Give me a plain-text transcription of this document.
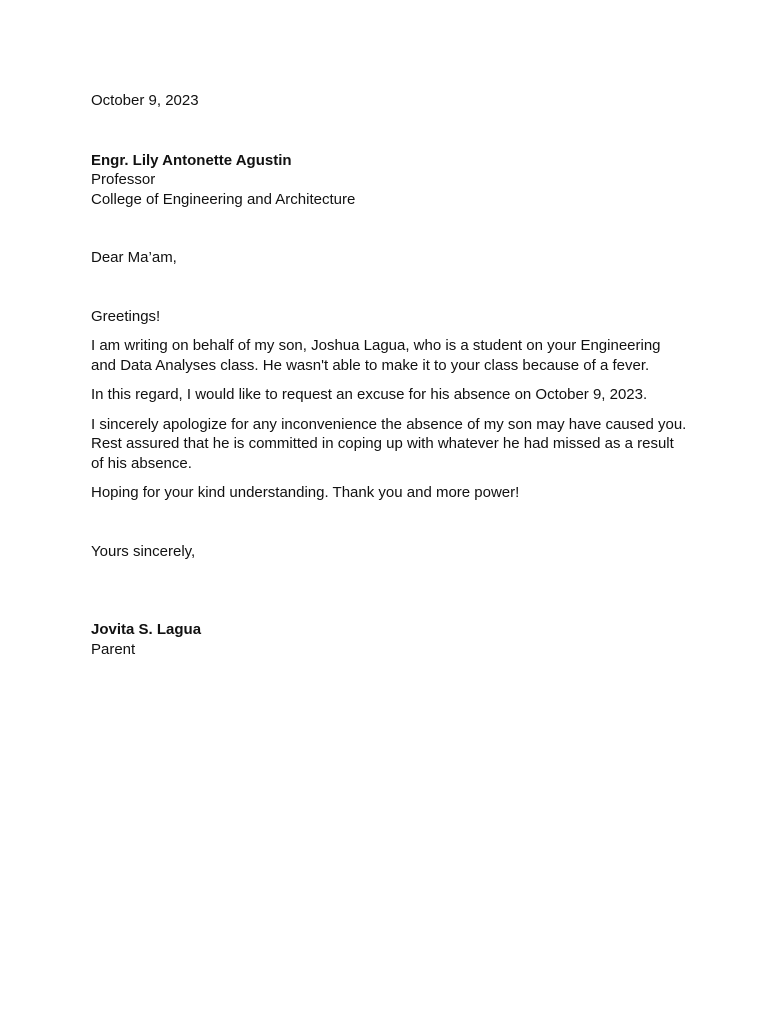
October 9, 2023
Engr. Lily Antonette Agustin
Professor
College of Engineering and Architecture
Dear Ma’am,
Greetings!
I am writing on behalf of my son, Joshua Lagua, who is a student on your Engineering
and Data Analyses class. He wasn't able to make it to your class because of a fever.
In this regard, I would like to request an excuse for his absence on October 9, 2023.
I sincerely apologize for any inconvenience the absence of my son may have caused you.
Rest assured that he is committed in coping up with whatever he had missed as a result
of his absence.
Hoping for your kind understanding. Thank you and more power!
Yours sincerely,
Jovita S. Lagua
Parent
